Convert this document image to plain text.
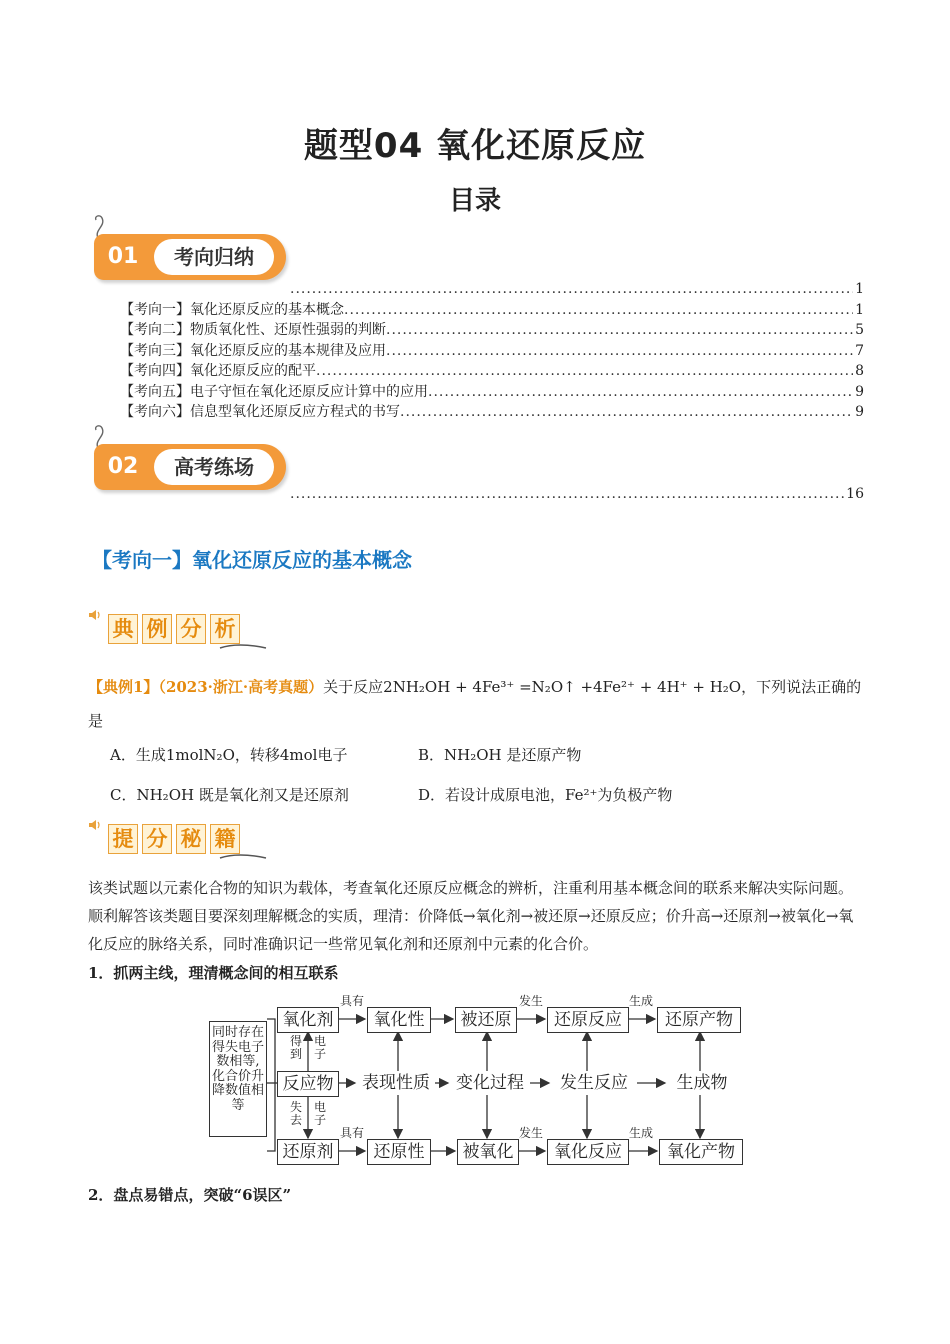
题型04 氧化还原反应
目录
01	考向归纳
.....
1
【考向一】氧化还原反应的基本概念 .....	1
【考向二】物质氧化性、还原性强弱的判断 .....	5
【考向三】氧化还原反应的基本规律及应用 .....	7
【考向四】氧化还原反应的配平 .....	8
【考向五】电子守恒在氧化还原反应计算中的应用 .....	9
【考向六】信息型氧化还原反应方程式的书写 .....	9
02	高考练场
.....
16
【考向一】氧化还原反应的基本概念
典 例 分 析
【典例1】（2023·浙江·高考真题）关于反应2NH₂OH + 4Fe³⁺ =N₂O↑ +4Fe²⁺ + 4H⁺ + H₂O，下列说法正确的
是
A．生成1molN₂O，转移4mol电子	B．NH₂OH 是还原产物
C．NH₂OH 既是氧化剂又是还原剂	D．若设计成原电池，Fe²⁺为负极产物
提 分 秘 籍
该类试题以元素化合物的知识为载体，考查氧化还原反应概念的辨析，注重利用基本概念间的联系来解决实际问题。顺利解答该类题目要深刻理解概念的实质，理清：价降低→氧化剂→被还原→还原反应；价升高→还原剂→被氧化→氧化反应的脉络关系，同时准确识记一些常见氧化剂和还原剂中元素的化合价。
1．抓两主线，理清概念间的相互联系
同时存在得失电子数相等,化合价升降数值相等
氧化剂	氧化性	被还原	还原反应	还原产物
反应物	表现性质	变化过程	发生反应	生成物
还原剂	还原性	被氧化	氧化反应	氧化产物
具有	发生	生成
具有	发生	生成
得
到
电
子
失
去
电
子
2．盘点易错点，突破“6误区”
